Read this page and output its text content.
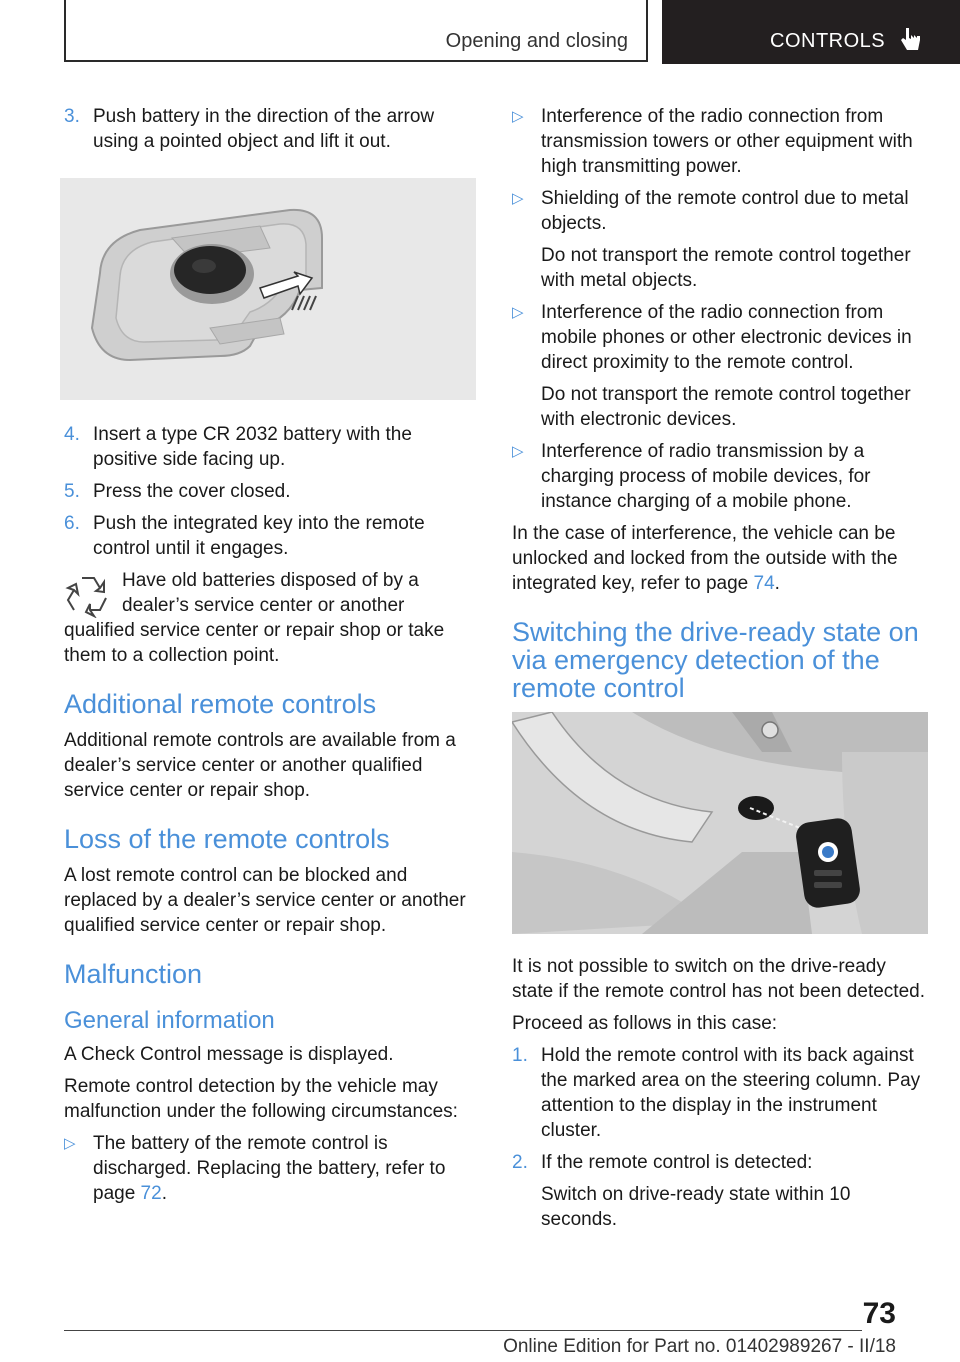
Opening and closing	CONTROLS
3. Push battery in the direction of the arrow using a pointed object and lift it out.
4. Insert a type CR 2032 battery with the positive side facing up.
5. Press the cover closed.
6. Push the integrated key into the remote control until it engages.
Have old batteries disposed of by a dealer’s service center or another qualified service center or repair shop or take them to a collection point.
Additional remote controls

Additional remote controls are available from a dealer’s service center or another qualified service center or repair shop.

Loss of the remote controls

A lost remote control can be blocked and replaced by a dealer’s service center or another qualified service center or repair shop.

Malfunction
General information

A Check Control message is displayed.

Remote control detection by the vehicle may malfunction under the following circumstances:

▷ The battery of the remote control is discharged. Replacing the battery, refer to page 72.
▷ Interference of the radio connection from transmission towers or other equipment with high transmitting power.
▷ Shielding of the remote control due to metal objects.
Do not transport the remote control together with metal objects.
▷ Interference of the radio connection from mobile phones or other electronic devices in direct proximity to the remote control.
Do not transport the remote control together with electronic devices.
▷ Interference of radio transmission by a charging process of mobile devices, for instance charging of a mobile phone.

In the case of interference, the vehicle can be unlocked and locked from the outside with the integrated key, refer to page 74.

Switching the drive-ready state on via emergency detection of the remote control

It is not possible to switch on the drive-ready state if the remote control has not been detected.

Proceed as follows in this case:

1. Hold the remote control with its back against the marked area on the steering column. Pay attention to the display in the instrument cluster.
2. If the remote control is detected:
Switch on drive-ready state within 10 seconds.
73
Online Edition for Part no. 01402989267 - II/18
